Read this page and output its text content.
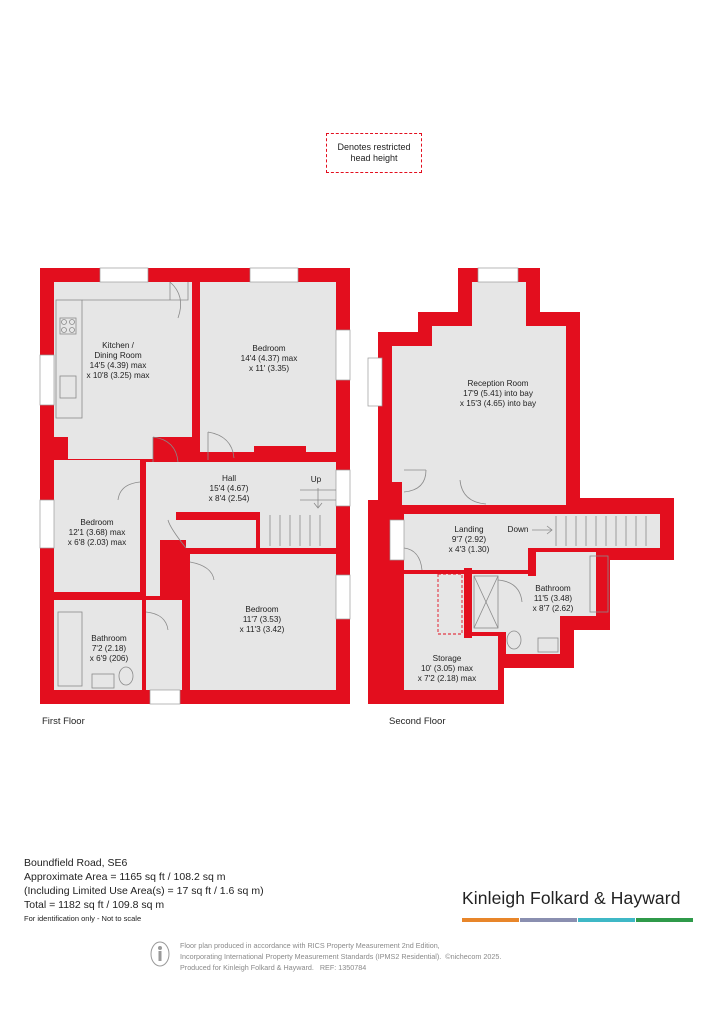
Denotes restricted
head height
Kitchen /
Dining Room
14'5 (4.39) max
x 10'8 (3.25) max
Bedroom
14'4 (4.37) max
x 11' (3.35)
Hall
15'4 (4.67)
x 8'4 (2.54)
Up
Bedroom
12'1 (3.68) max
x 6'8 (2.03) max
Bedroom
11'7 (3.53)
x 11'3 (3.42)
Bathroom
7'2 (2.18)
x 6'9 (206)
First Floor
Reception Room
17'9 (5.41) into bay
x 15'3 (4.65) into bay
Landing
9'7 (2.92)
x 4'3 (1.30)
Down
Bathroom
11'5 (3.48)
x 8'7 (2.62)
Storage
10' (3.05) max
x 7'2 (2.18) max
Second Floor
Boundfield Road, SE6
Approximate Area = 1165 sq ft / 108.2 sq m
(Including Limited Use Area(s) = 17 sq ft / 1.6 sq m)
Total = 1182 sq ft / 109.8 sq m
For identification only - Not to scale
Kinleigh Folkard & Hayward
Floor plan produced in accordance with RICS Property Measurement 2nd Edition,
Incorporating International Property Measurement Standards (IPMS2 Residential). ©nichecom 2025.
Produced for Kinleigh Folkard & Hayward. REF: 1350784
